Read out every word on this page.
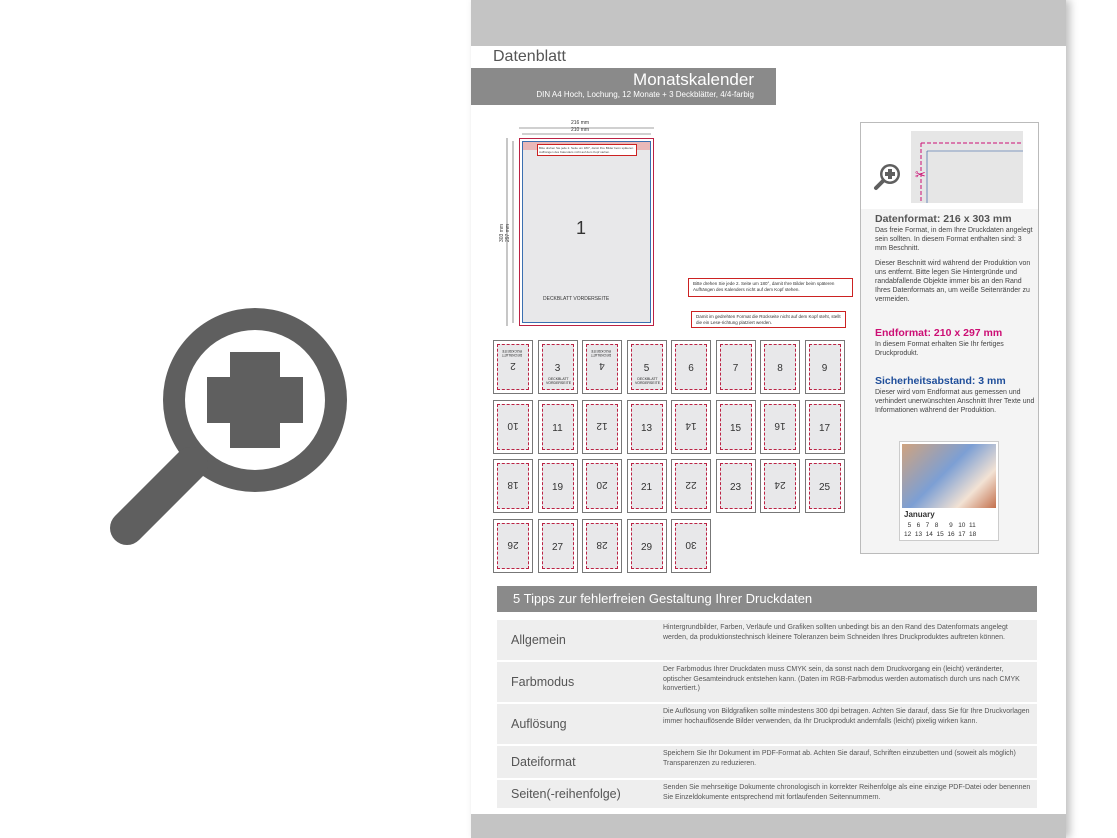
Datenblatt
Monatskalender
DIN A4 Hoch, Lochung, 12 Monate + 3 Deckblätter, 4/4-farbig
216 mm
210 mm
303 mm 297 mm
Bitte drehen Sie jede 2. Seite um 180°, damit Ihre Bilder beim späteren Aufhängen des Kalenders nicht auf dem Kopf stehen.
1
DECKBLATT VORDERSEITE
Bitte drehen Sie jede 2. Seite um 180°, damit Ihre Bilder beim späteren Aufhängen des Kalenders nicht auf dem Kopf stehen.
Damit im gedrehten Format die Rückseite nicht auf dem Kopf steht, stellt die ein Lese-richtung platziert werden.
2
DECKBLATT RÜCKSEITE
3
DECKBLATT VORDERSEITE
4
DECKBLATT RÜCKSEITE
5
DECKBLATT VORDERSEITE
6	7	8	9
10	11	12	13	14	15	16	17
18	19	20	21	22	23	24	25
26	27	28	29	30
✂
Datenformat: 216 x 303 mm
Das freie Format, in dem Ihre Druckdaten angelegt sein sollten. In diesem Format enthalten sind: 3 mm Beschnitt.
Dieser Beschnitt wird während der Produktion von uns entfernt. Bitte legen Sie Hintergründe und randabfallende Objekte immer bis an den Rand Ihres Datenformats an, um weiße Seitenränder zu vermeiden.
Endformat: 210 x 297 mm
In diesem Format erhalten Sie Ihr fertiges Druckprodukt.
Sicherheitsabstand: 3 mm
Dieser wird vom Endformat aus gemessen und verhindert unerwünschten Anschnitt Ihrer Texte und Informationen während der Produktion.
January
5   6   7   8      9   10  11
12  13  14  15  16  17  18
5 Tipps zur fehlerfreien Gestaltung Ihrer Druckdaten
Allgemein
Hintergrundbilder, Farben, Verläufe und Grafiken sollten unbedingt bis an den Rand des Datenformats angelegt werden, da produktionstechnisch kleinere Toleranzen beim Schneiden Ihres Druckproduktes auftreten können.
Farbmodus
Der Farbmodus Ihrer Druckdaten muss CMYK sein, da sonst nach dem Druckvorgang ein (leicht) veränderter, optischer Gesamteindruck entstehen kann. (Daten im RGB-Farbmodus werden automatisch durch uns nach CMYK konvertiert.)
Auflösung
Die Auflösung von Bildgrafiken sollte mindestens 300 dpi betragen. Achten Sie darauf, dass Sie für Ihre Druckvorlagen immer hochauflösende Bilder verwenden, da Ihr Druckprodukt andernfalls (leicht) pixelig wirken kann.
Dateiformat
Speichern Sie Ihr Dokument im PDF-Format ab. Achten Sie darauf, Schriften einzubetten und (soweit als möglich) Transparenzen zu reduzieren.
Seiten(-reihenfolge)	Senden Sie mehrseitige Dokumente chronologisch in korrekter Reihenfolge als eine einzige PDF-Datei oder benennen Sie Einzeldokumente entsprechend mit fortlaufenden Seitennummern.
